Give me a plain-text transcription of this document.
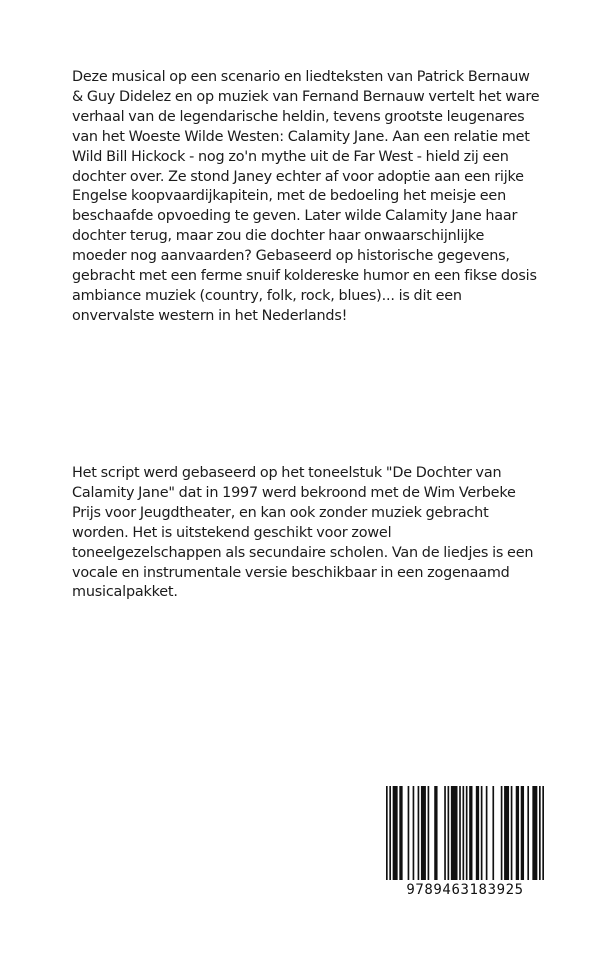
Deze musical op een scenario en liedteksten van Patrick Bernauw & Guy Didelez en op muziek van Fernand Bernauw vertelt het ware verhaal van de legendarische heldin, tevens grootste leugenares van het Woeste Wilde Westen: Calamity Jane. Aan een relatie met Wild Bill Hickock - nog zo'n mythe uit de Far West - hield zij een dochter over. Ze stond Janey echter af voor adoptie aan een rijke Engelse koopvaardijkapitein, met de bedoeling het meisje een beschaafde opvoeding te geven. Later wilde Calamity Jane haar dochter terug, maar zou die dochter haar onwaarschijnlijke moeder nog aanvaarden? Gebaseerd op historische gegevens, gebracht met een ferme snuif koldereske humor en een fikse dosis ambiance muziek (country, folk, rock, blues)... is dit een onvervalste western in het Nederlands!

Het script werd gebaseerd op het toneelstuk "De Dochter van Calamity Jane" dat in 1997 werd bekroond met de Wim Verbeke Prijs voor Jeugdtheater, en kan ook zonder muziek gebracht worden. Het is uitstekend geschikt voor zowel toneelgezelschappen als secundaire scholen. Van de liedjes is een vocale en instrumentale versie beschikbaar in een zogenaamd musicalpakket.

9789463183925
